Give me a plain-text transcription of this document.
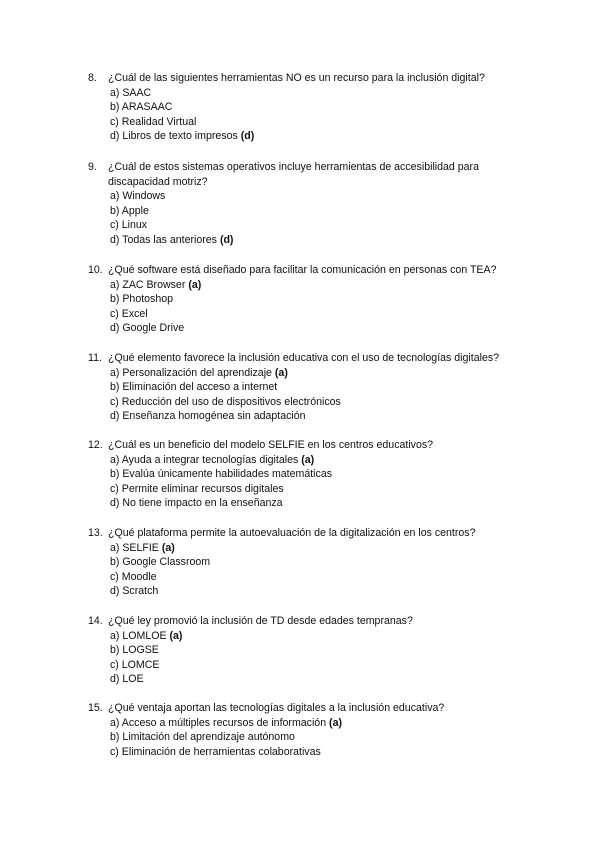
8.	¿Cuál de las siguientes herramientas NO es un recurso para la inclusión digital?
a) SAAC
b) ARASAAC
c) Realidad Virtual
d) Libros de texto impresos (d)
9.	¿Cuál de estos sistemas operativos incluye herramientas de accesibilidad para discapacidad motriz?
a) Windows
b) Apple
c) Linux
d) Todas las anteriores (d)
10. ¿Qué software está diseñado para facilitar la comunicación en personas con TEA?
a) ZAC Browser (a)
b) Photoshop
c) Excel
d) Google Drive
11. ¿Qué elemento favorece la inclusión educativa con el uso de tecnologías digitales?
a) Personalización del aprendizaje (a)
b) Eliminación del acceso a internet
c) Reducción del uso de dispositivos electrónicos
d) Enseñanza homogénea sin adaptación
12. ¿Cuál es un beneficio del modelo SELFIE en los centros educativos?
a) Ayuda a integrar tecnologías digitales (a)
b) Evalúa únicamente habilidades matemáticas
c) Permite eliminar recursos digitales
d) No tiene impacto en la enseñanza
13. ¿Qué plataforma permite la autoevaluación de la digitalización en los centros?
a) SELFIE (a)
b) Google Classroom
c) Moodle
d) Scratch
14. ¿Qué ley promovió la inclusión de TD desde edades tempranas?
a) LOMLOE (a)
b) LOGSE
c) LOMCE
d) LOE
15. ¿Qué ventaja aportan las tecnologías digitales a la inclusión educativa?
a) Acceso a múltiples recursos de información (a)
b) Limitación del aprendizaje autónomo
c) Eliminación de herramientas colaborativas
